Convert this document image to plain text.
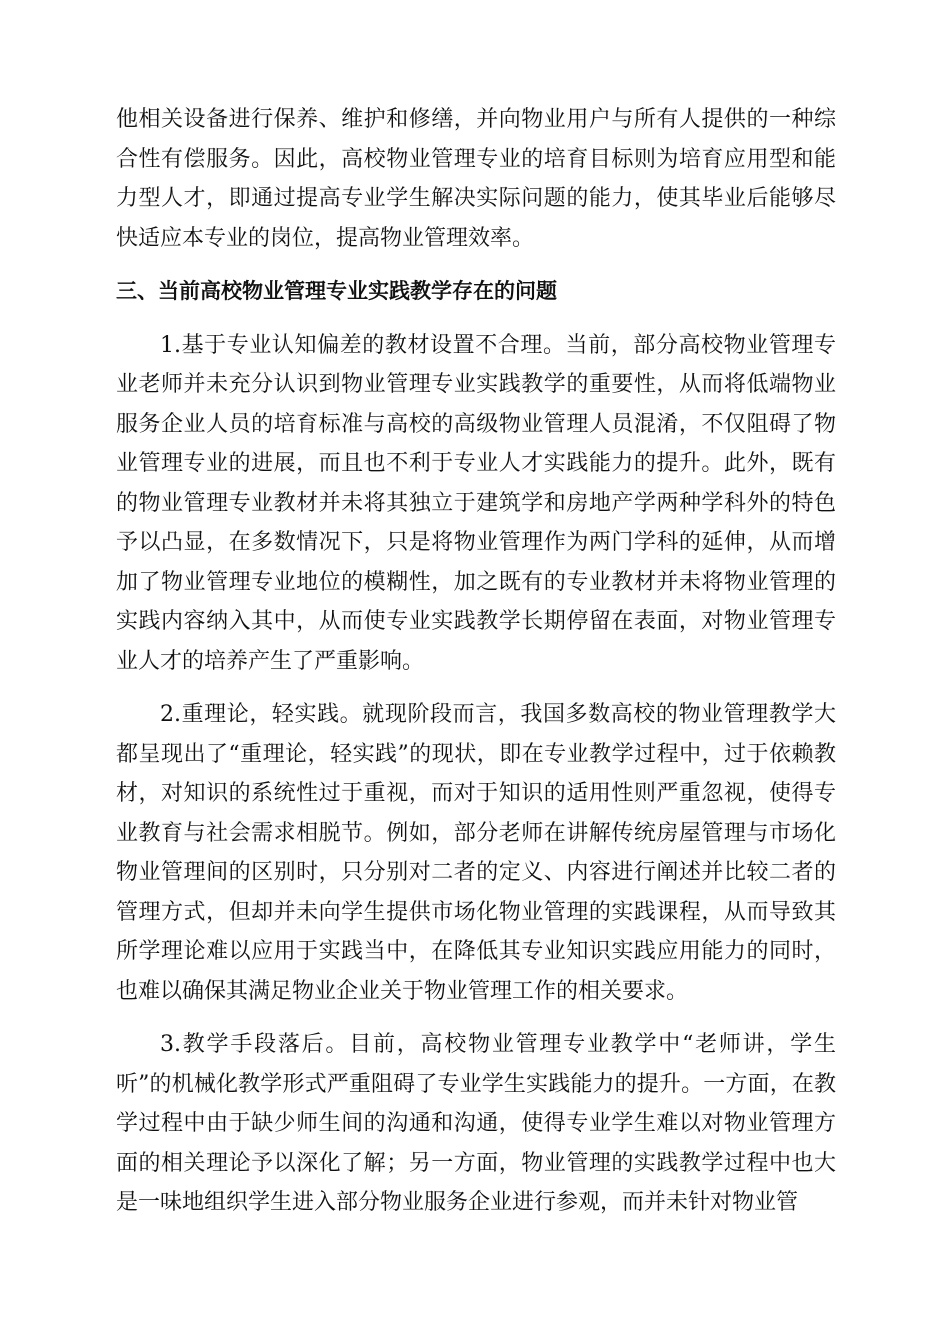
他相关设备进行保养、维护和修缮，并向物业用户与所有人提供的一种综合性有偿服务。因此，高校物业管理专业的培育目标则为培育应用型和能力型人才，即通过提高专业学生解决实际问题的能力，使其毕业后能够尽快适应本专业的岗位，提高物业管理效率。

三、当前高校物业管理专业实践教学存在的问题

1.基于专业认知偏差的教材设置不合理。当前，部分高校物业管理专业老师并未充分认识到物业管理专业实践教学的重要性，从而将低端物业服务企业人员的培育标准与高校的高级物业管理人员混淆，不仅阻碍了物业管理专业的进展，而且也不利于专业人才实践能力的提升。此外，既有的物业管理专业教材并未将其独立于建筑学和房地产学两种学科外的特色予以凸显，在多数情况下，只是将物业管理作为两门学科的延伸，从而增加了物业管理专业地位的模糊性，加之既有的专业教材并未将物业管理的实践内容纳入其中，从而使专业实践教学长期停留在表面，对物业管理专业人才的培养产生了严重影响。

2.重理论，轻实践。就现阶段而言，我国多数高校的物业管理教学大都呈现出了“重理论，轻实践”的现状，即在专业教学过程中，过于依赖教材，对知识的系统性过于重视，而对于知识的适用性则严重忽视，使得专业教育与社会需求相脱节。例如，部分老师在讲解传统房屋管理与市场化物业管理间的区别时，只分别对二者的定义、内容进行阐述并比较二者的管理方式，但却并未向学生提供市场化物业管理的实践课程，从而导致其所学理论难以应用于实践当中，在降低其专业知识实践应用能力的同时，也难以确保其满足物业企业关于物业管理工作的相关要求。

3.教学手段落后。目前，高校物业管理专业教学中“老师讲，学生听”的机械化教学形式严重阻碍了专业学生实践能力的提升。一方面，在教学过程中由于缺少师生间的沟通和沟通，使得专业学生难以对物业管理方面的相关理论予以深化了解；另一方面，物业管理的实践教学过程中也大是一味地组织学生进入部分物业服务企业进行参观，而并未针对物业管
